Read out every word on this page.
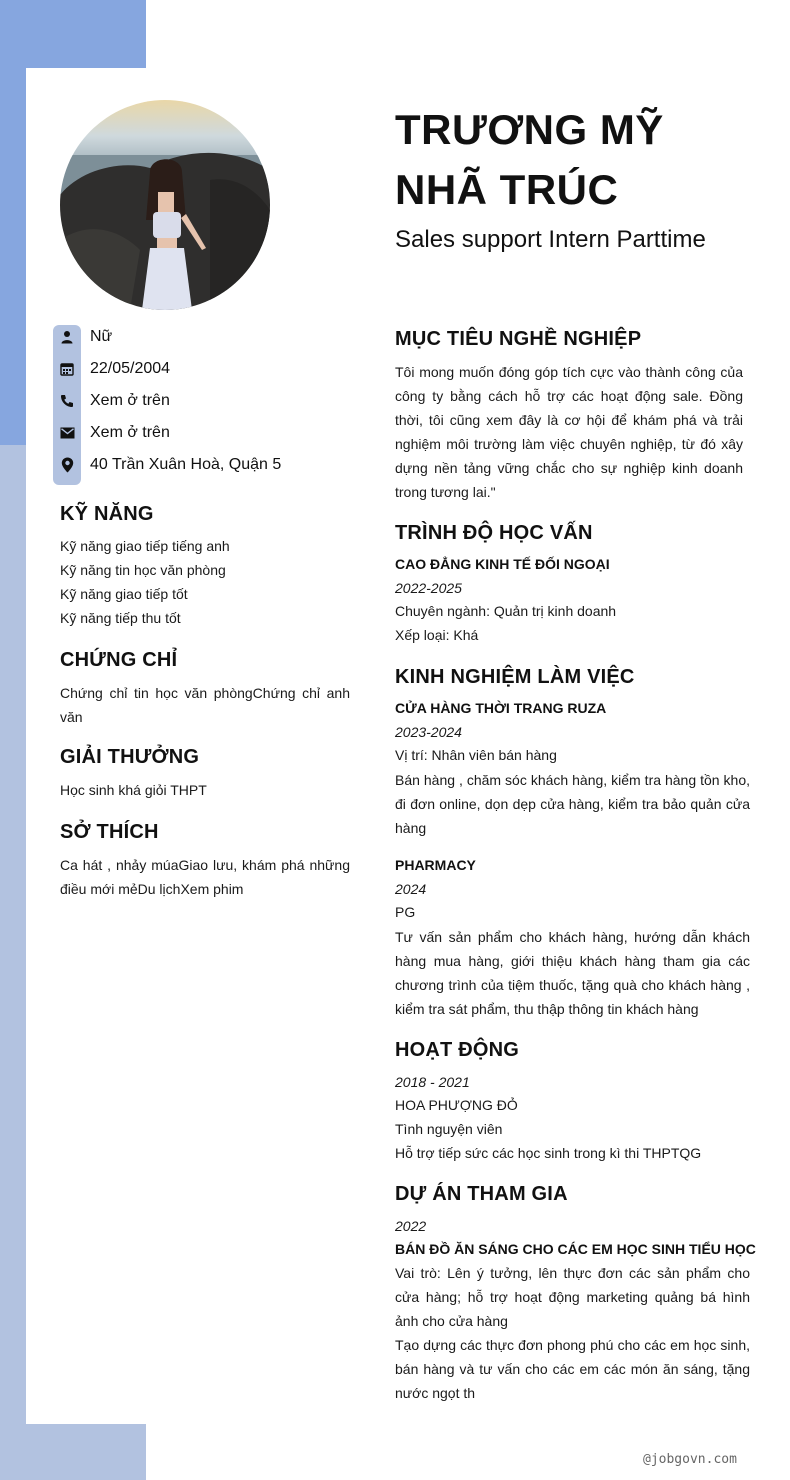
TRƯƠNG MỸ NHÃ TRÚC
Sales support Intern Parttime
Nữ
22/05/2004
Xem ở trên
Xem ở trên
40 Trần Xuân Hoà, Quận 5
KỸ NĂNG
Kỹ năng giao tiếp tiếng anh
Kỹ năng tin học văn phòng
Kỹ năng giao tiếp tốt
Kỹ năng tiếp thu tốt
CHỨNG CHỈ
Chứng chỉ tin học văn phòngChứng chỉ anh văn
GIẢI THƯỞNG
Học sinh khá giỏi THPT
SỞ THÍCH
Ca hát , nhảy múaGiao lưu, khám phá những điều mới mẻDu lịchXem phim
MỤC TIÊU NGHỀ NGHIỆP
Tôi mong muốn đóng góp tích cực vào thành công của công ty bằng cách hỗ trợ các hoạt động sale. Đồng thời, tôi cũng xem đây là cơ hội để khám phá và trải nghiệm môi trường làm việc chuyên nghiệp, từ đó xây dựng nền tảng vững chắc cho sự nghiệp kinh doanh trong tương lai."
TRÌNH ĐỘ HỌC VẤN
CAO ĐẲNG KINH TẾ ĐỐI NGOẠI
2022-2025
Chuyên ngành: Quản trị kinh doanh
Xếp loại: Khá
KINH NGHIỆM LÀM VIỆC
CỬA HÀNG THỜI TRANG RUZA
2023-2024
Vị trí: Nhân viên bán hàng
Bán hàng , chăm sóc khách hàng, kiểm tra hàng tồn kho, đi đơn online, dọn dẹp cửa hàng, kiểm tra bảo quản cửa hàng
PHARMACY
2024
PG
Tư vấn sản phẩm cho khách hàng, hướng dẫn khách hàng mua hàng, giới thiệu khách hàng tham gia các chương trình của tiệm thuốc, tặng quà cho khách hàng , kiểm tra sát phẩm, thu thập thông tin khách hàng
HOẠT ĐỘNG
2018 - 2021
HOA PHƯỢNG ĐỎ
Tình nguyện viên
Hỗ trợ tiếp sức các học sinh trong kì thi THPTQG
DỰ ÁN THAM GIA
2022
BÁN ĐỒ ĂN SÁNG CHO CÁC EM HỌC SINH TIỂU HỌC
Vai trò: Lên ý tưởng, lên thực đơn các sản phẩm cho cửa hàng; hỗ trợ hoạt động marketing quảng bá hình ảnh cho cửa hàng
Tạo dựng các thực đơn phong phú cho các em học sinh, bán hàng và tư vấn cho các em các món ăn sáng, tặng nước ngọt th
@jobgovn.com
